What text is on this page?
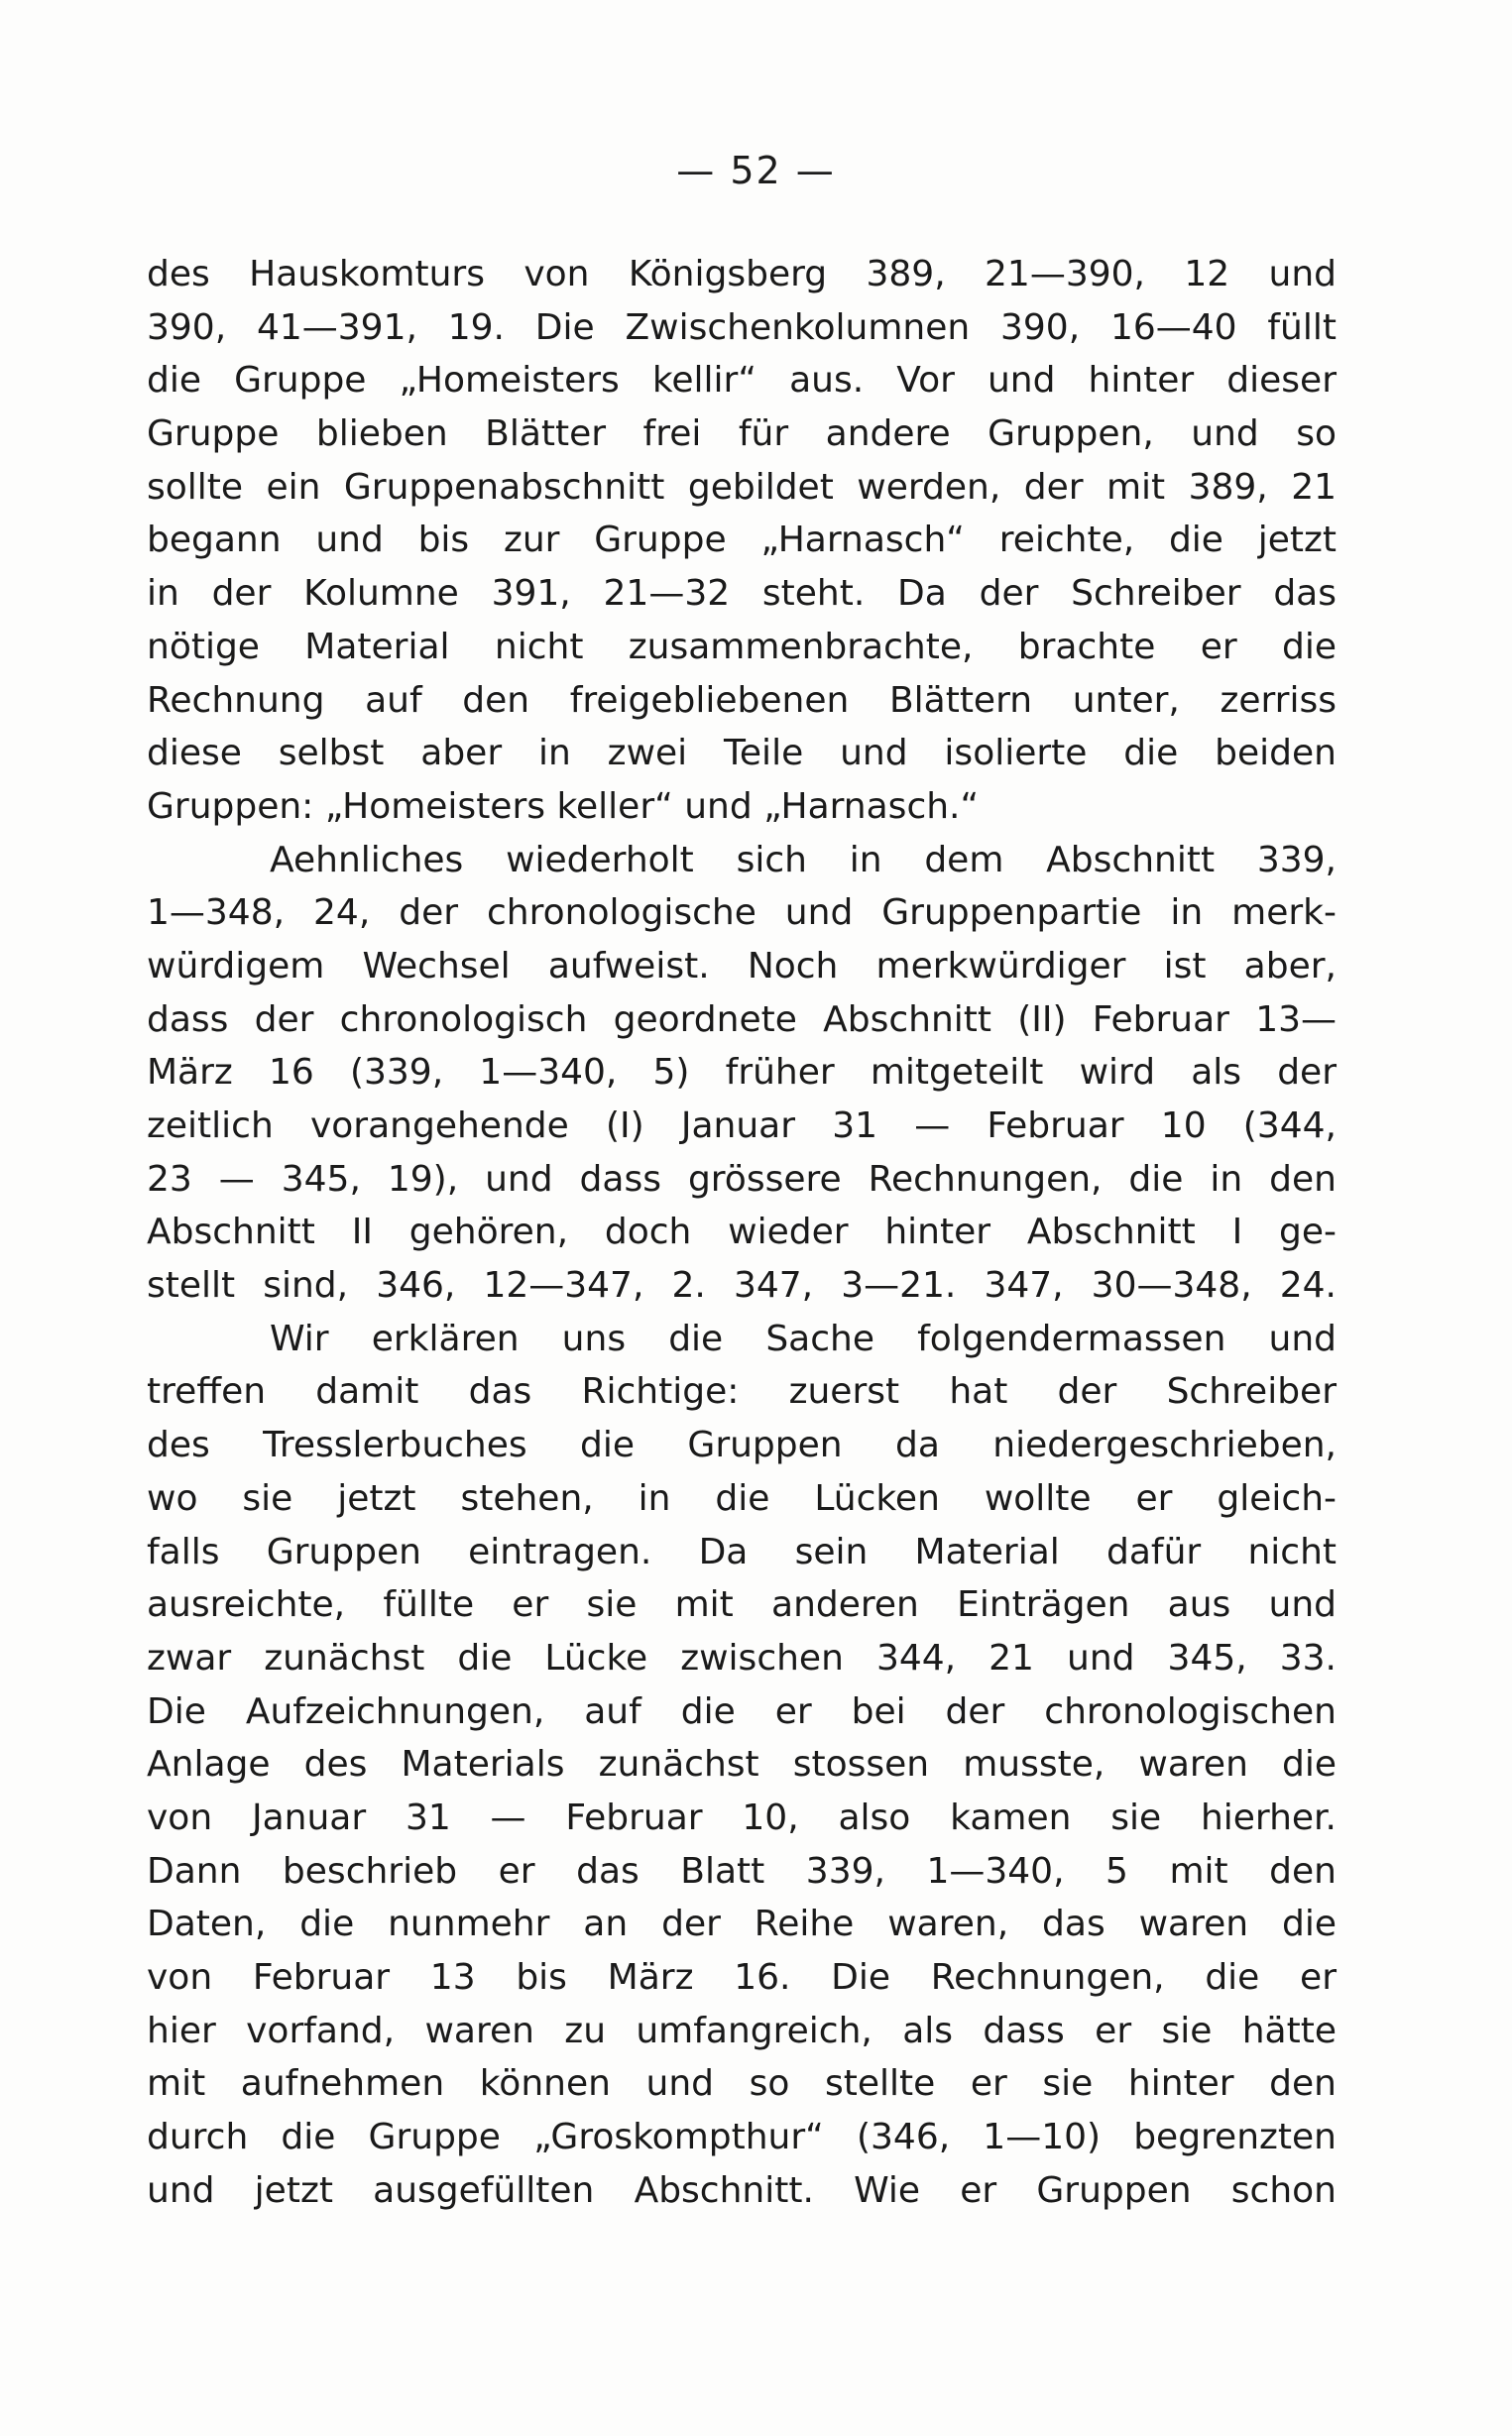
— 52 —
des Hauskomturs von Königsberg 389, 21—390, 12 und
390, 41—391, 19. Die Zwischenkolumnen 390, 16—40 füllt
die Gruppe „Homeisters kellir“ aus. Vor und hinter dieser
Gruppe blieben Blätter frei für andere Gruppen, und so
sollte ein Gruppenabschnitt gebildet werden, der mit 389, 21
begann und bis zur Gruppe „Harnasch“ reichte, die jetzt
in der Kolumne 391, 21—32 steht. Da der Schreiber das
nötige Material nicht zusammenbrachte, brachte er die
Rechnung auf den freigebliebenen Blättern unter, zerriss
diese selbst aber in zwei Teile und isolierte die beiden
Gruppen: „Homeisters keller“ und „Harnasch.“
Aehnliches wiederholt sich in dem Abschnitt 339,
1—348, 24, der chronologische und Gruppenpartie in merk-
würdigem Wechsel aufweist. Noch merkwürdiger ist aber,
dass der chronologisch geordnete Abschnitt (II) Februar 13—
März 16 (339, 1—340, 5) früher mitgeteilt wird als der
zeitlich vorangehende (I) Januar 31 — Februar 10 (344,
23 — 345, 19), und dass grössere Rechnungen, die in den
Abschnitt II gehören, doch wieder hinter Abschnitt I ge-
stellt sind, 346, 12—347, 2. 347, 3—21. 347, 30—348, 24.
Wir erklären uns die Sache folgendermassen und
treffen damit das Richtige: zuerst hat der Schreiber
des Tresslerbuches die Gruppen da niedergeschrieben,
wo sie jetzt stehen, in die Lücken wollte er gleich-
falls Gruppen eintragen. Da sein Material dafür nicht
ausreichte, füllte er sie mit anderen Einträgen aus und
zwar zunächst die Lücke zwischen 344, 21 und 345, 33.
Die Aufzeichnungen, auf die er bei der chronologischen
Anlage des Materials zunächst stossen musste, waren die
von Januar 31 — Februar 10, also kamen sie hierher.
Dann beschrieb er das Blatt 339, 1—340, 5 mit den
Daten, die nunmehr an der Reihe waren, das waren die
von Februar 13 bis März 16. Die Rechnungen, die er
hier vorfand, waren zu umfangreich, als dass er sie hätte
mit aufnehmen können und so stellte er sie hinter den
durch die Gruppe „Groskompthur“ (346, 1—10) begrenzten
und jetzt ausgefüllten Abschnitt. Wie er Gruppen schon
